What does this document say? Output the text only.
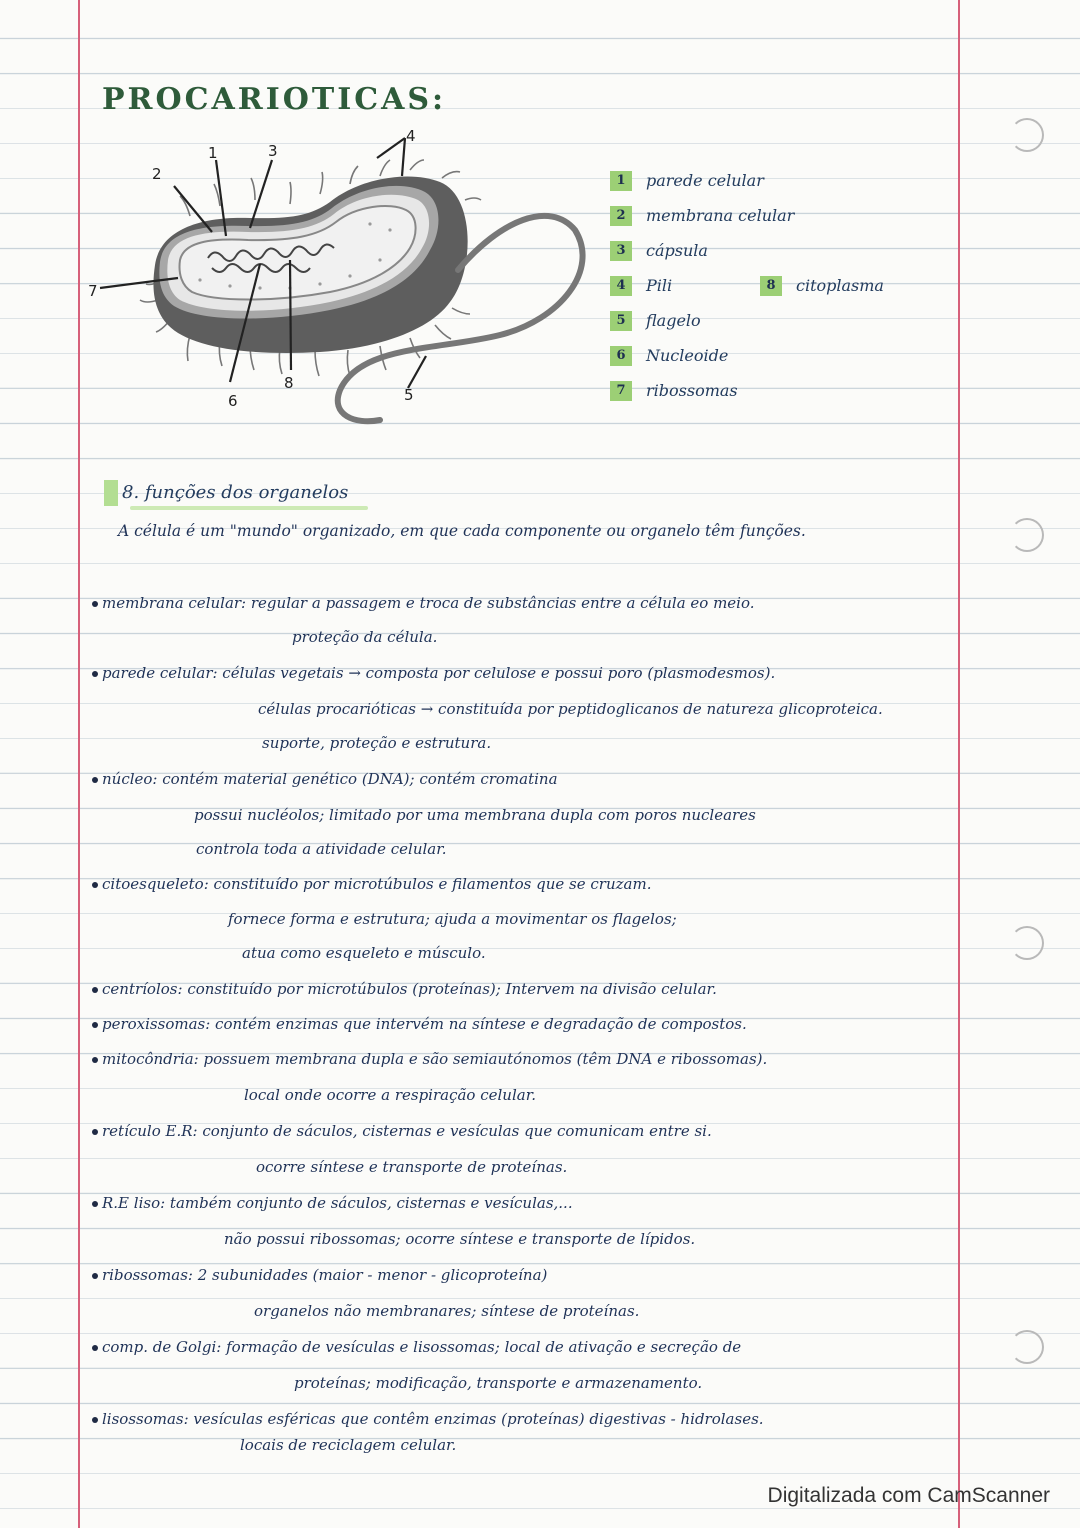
PROCARIOTICAS:
2
1	3
4
7
6
8
5
1 parede celular
2 membrana celular
3 cápsula
4 Pili	8 citoplasma
5 flagelo
6 Nucleoide
7 ribossomas
8. funções dos organelos
A célula é um "mundo" organizado, em que cada componente ou organelo têm funções.
membrana celular: regular a passagem e troca de substâncias entre a célula eo meio.
proteção da célula.
parede celular: células vegetais → composta por celulose e possui poro (plasmodesmos).
células procarióticas → constituída por peptidoglicanos de natureza glicoproteica.
suporte, proteção e estrutura.
núcleo: contém material genético (DNA); contém cromatina
possui nucléolos; limitado por uma membrana dupla com poros nucleares
controla toda a atividade celular.
citoesqueleto: constituído por microtúbulos e filamentos que se cruzam.
fornece forma e estrutura; ajuda a movimentar os flagelos;
atua como esqueleto e músculo.
centríolos: constituído por microtúbulos (proteínas); Intervem na divisão celular.
peroxissomas: contém enzimas que intervém na síntese e degradação de compostos.
mitocôndria: possuem membrana dupla e são semiautónomos (têm DNA e ribossomas).
local onde ocorre a respiração celular.
retículo E.R: conjunto de sáculos, cisternas e vesículas que comunicam entre si.
ocorre síntese e transporte de proteínas.
R.E liso: também conjunto de sáculos, cisternas e vesículas,...
não possui ribossomas; ocorre síntese e transporte de lípidos.
ribossomas: 2 subunidades (maior - menor - glicoproteína)
organelos não membranares; síntese de proteínas.
comp. de Golgi: formação de vesículas e lisossomas; local de ativação e secreção de
proteínas; modificação, transporte e armazenamento.
lisossomas: vesículas esféricas que contêm enzimas (proteínas) digestivas - hidrolases.
locais de reciclagem celular.
Digitalizada com CamScanner
